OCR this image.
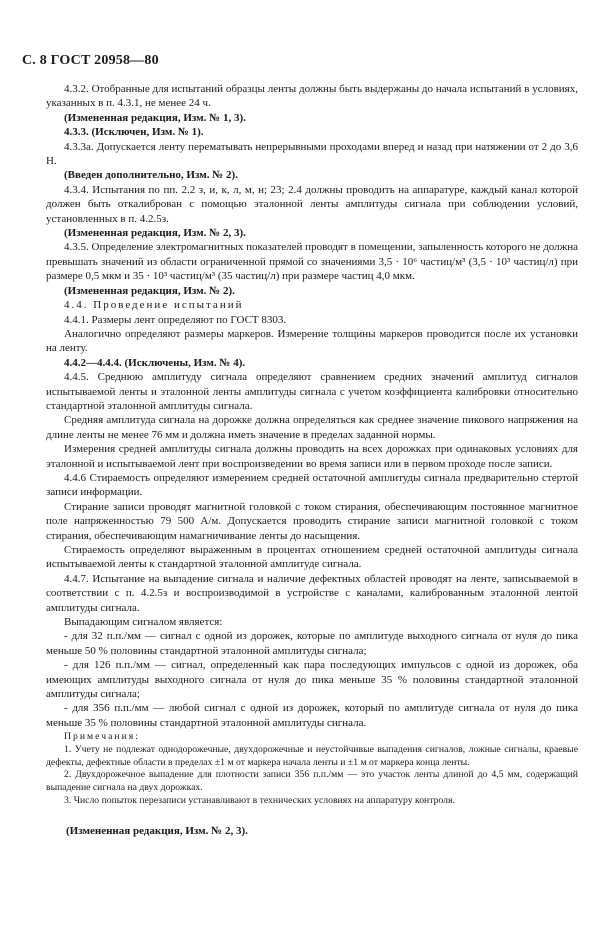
С. 8 ГОСТ 20958—80

4.3.2. Отобранные для испытаний образцы ленты должны быть выдержаны до начала испытаний в условиях, указанных в п. 4.3.1, не менее 24 ч.

(Измененная редакция, Изм. № 1, 3).

4.3.3. (Исключен, Изм. № 1).

4.3.3а. Допускается ленту перематывать непрерывными проходами вперед и назад при натяжении от 2 до 3,6 Н.

(Введен дополнительно, Изм. № 2).

4.3.4. Испытания по пп. 2.2 з, и, к, л, м, н; 23; 2.4 должны проводить на аппаратуре, каждый канал которой должен быть откалиброван с помощью эталонной ленты амплитуды сигнала при соблюдении условий, установленных в п. 4.2.5з.

(Измененная редакция, Изм. № 2, 3).

4.3.5. Определение электромагнитных показателей проводят в помещении, запыленность которого не должна превышать значений из области ограниченной прямой со значениями 3,5 · 10⁶ частиц/м³ (3,5 · 10³ частиц/л) при размере 0,5 мкм и 35 · 10³ частиц/м³ (35 частиц/л) при размере частиц 4,0 мкм.

(Измененная редакция, Изм. № 2).

4.4. Проведение испытаний

4.4.1. Размеры лент определяют по ГОСТ 8303.

Аналогично определяют размеры маркеров. Измерение толщины маркеров проводится после их установки на ленту.

4.4.2—4.4.4. (Исключены, Изм. № 4).

4.4.5. Среднюю амплитуду сигнала определяют сравнением средних значений амплитуд сигналов испытываемой ленты и эталонной ленты амплитуды сигнала с учетом коэффициента калибровки относительно стандартной эталонной амплитуды сигнала.

Средняя амплитуда сигнала на дорожке должна определяться как среднее значение пикового напряжения на длине ленты не менее 76 мм и должна иметь значение в пределах заданной нормы.

Измерения средней амплитуды сигнала должны проводить на всех дорожках при одинаковых условиях для эталонной и испытываемой лент при воспроизведении во время записи или в первом проходе после записи.

4.4.6 Стираемость определяют измерением средней остаточной амплитуды сигнала предварительно стертой записи информации.

Стирание записи проводят магнитной головкой с током стирания, обеспечивающим постоянное магнитное поле напряженностью 79 500 А/м. Допускается проводить стирание записи магнитной головкой с током стирания, обеспечивающим намагничивание ленты до насыщения.

Стираемость определяют выраженным в процентах отношением средней остаточной амплитуды сигнала испытываемой ленты к стандартной эталонной амплитуде сигнала.

4.4.7. Испытание на выпадение сигнала и наличие дефектных областей проводят на ленте, записываемой в соответствии с п. 4.2.5з и воспроизводимой в устройстве с каналами, калиброванным эталонной лентой амплитуды сигнала.

Выпадающим сигналом является:

- для 32 п.п./мм — сигнал с одной из дорожек, которые по амплитуде выходного сигнала от нуля до пика меньше 50 % половины стандартной эталонной амплитуды сигнала;

- для 126 п.п./мм — сигнал, определенный как пара последующих импульсов с одной из дорожек, оба имеющих амплитуды выходного сигнала от нуля до пика меньше 35 % половины стандартной эталонной амплитуды сигнала;

- для 356 п.п./мм — любой сигнал с одной из дорожек, который по амплитуде сигнала от нуля до пика меньше 35 % половины стандартной эталонной амплитуды сигнала.

Примечания:

1. Учету не подлежат однодорожечные, двухдорожечные и неустойчивые выпадения сигналов, ложные сигналы, краевые дефекты, дефектные области в пределах ±1 м от маркера начала ленты и ±1 м от маркера конца ленты.

2. Двухдорожечное выпадение для плотности записи 356 п.п./мм — это участок ленты длиной до 4,5 мм, содержащий выпадение сигнала на двух дорожках.

3. Число попыток перезаписи устанавливают в технических условиях на аппаратуру контроля.

(Измененная редакция, Изм. № 2, 3).
